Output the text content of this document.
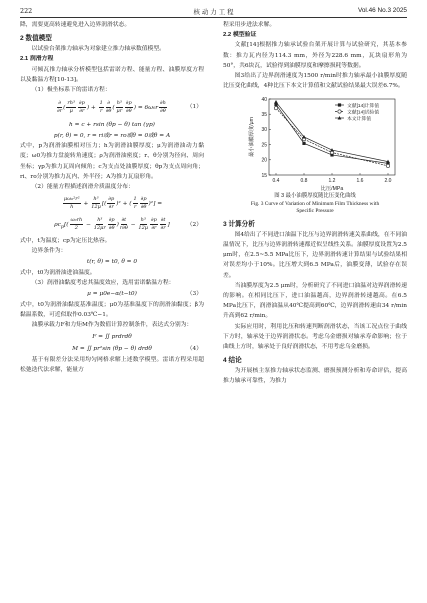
222	核 动 力 工 程	Vol.46 No.3 2025

降，需要更高转速避免进入边界润滑状态。

2 数值模型

以试验台架推力轴承为对象建立推力轴承数值模型。

2.1 润滑方程

可倾瓦推力轴承分析模型包括雷诺方程、能量方程、油膜厚度方程以及黏温方程[10-13]。

（1）极坐标系下的雷诺方程：

$\frac{\partial}{\partial r}$ ( $\frac{\text{rh³}}{\mu} \frac{\partial p}{\partial r}$ ) + $\frac{1}{r} \frac{\partial}{\partial\theta}$ ( $\frac{\text{h³}}{\mu r} \frac{\partial p}{\partial\theta}$ ) = $6\omega_0r \frac{\partial h}{\partial\theta}$	（1）
h = c + rsin (θp − θ) tan (γp)
p(r, θ) = 0, r = ri或r = ro或θ = 0或θ = A

式中，p为润滑油膜相对压力；h为润滑油膜厚度；μ为润滑油动力黏度；ω0为推力盘旋转角速度；ρ为润滑油密度；r、θ分别为径向、周向坐标；γp为推力瓦周向倾角；c为支点处油膜厚度；θp为支点周向角；ri、ro分别为推力瓦内、外半径；A为推力瓦扇形角。

（2）能量方程描述润滑介质温度分布：

$\frac{\text{μω₀²r²}}{h} + \frac{\text{h³}}{12\mu}$ [( $\frac{\partial p}{\partial r} )^2$ + ( $\frac{1}{r} \frac{\partial p}{\partial\theta} )^2$] =
$\rho c_p[( \frac{\text{ω₀rh}}{2} - \frac{\text{h³}}{12\mu r} \frac{\partial p}{\partial\theta}$ ) $\frac{\partial t}{r\partial\theta} - \frac{\text{h³}}{12\mu} \frac{\partial p}{\partial r} \frac{\partial t}{\partial r}$ ]	（2）

式中，t为温度；cp为定压比热容。

边界条件为：

t(r, θ) = t0, θ = 0

式中，t0为润滑油进油温度。

（3）润滑油黏度考虑其温度效应，选用雷诺黏温方程：

μ = μ0e−α(t−t0)	（3）

式中，t0为润滑油黏度基准温度；μ0为基准温度下的润滑油黏度；β为黏温系数，可近似取作0.03℃−1。

油膜承载力F和力矩M作为数值计算控制条件，表达式分别为：

F = ∬ prdrdθ
M = ∬ pr²sin (θp − θ) drdθ	（4）

基于有限差分法采用均匀网格求解上述数学模型。雷诺方程采用超松弛迭代法求解，能量方

程采用步进法求解。

2.2 模型验证

文献[14]根据推力轴承试验台架开展计算与试验研究，其基本参数：推力瓦内径为114.3 mm，外径为228.6 mm，瓦块扇形角为50°，共6块瓦，试验得到油膜厚度和摩擦损耗等数据。

图3给出了边界润滑速度为1500 r/min时推力轴承最小油膜厚度随比压变化曲线，4种比压下本文计算值和文献试验结果最大误差6.7%。

0.4	0.8	1.2	1.6	2.0
15
20
25
30
35
40
比压/MPa
最小油膜厚度/μm
文献[14]计算值
文献[14]试验值
本文计算值
图 3 最小油膜厚度随比压变化曲线
Fig. 3 Curve of Variation of Minimum Film Thickness with
Specific Pressure
3 计算分析

图4给出了不同进口油温下比压与边界润滑转速关系曲线，在不同油温情况下，比压与边界润滑转速都近似呈线性关系。油膜厚度设置为2.5 μm时，在2.5~5.5 MPa比压下，边界润滑转速计算结果与试验结果相对误差均小于10%。比压增大到6.5 MPa后，油膜变薄，试验存在误差。

当油膜厚度为2.5 μm时，分析研究了不同进口油温对边界润滑转速的影响。在相同比压下，进口油温越高，边界润滑转速越高。在6.5 MPa比压下，润滑油温从40℃提高到60℃，边界润滑转速由34 r/min升高到62 r/min。

实际应用时，利用比压和转速判断润滑状态，当该工况点位于曲线下方时，轴承处于边界润滑状态。考虑乌金磨损对轴承寿命影响；位于曲线上方时，轴承处于良好润滑状态，不用考虑乌金磨损。

4 结论

为开展核主泵推力轴承状态监测、磨损预测分析和寿命评估，提高推力轴承可靠性，为推力
